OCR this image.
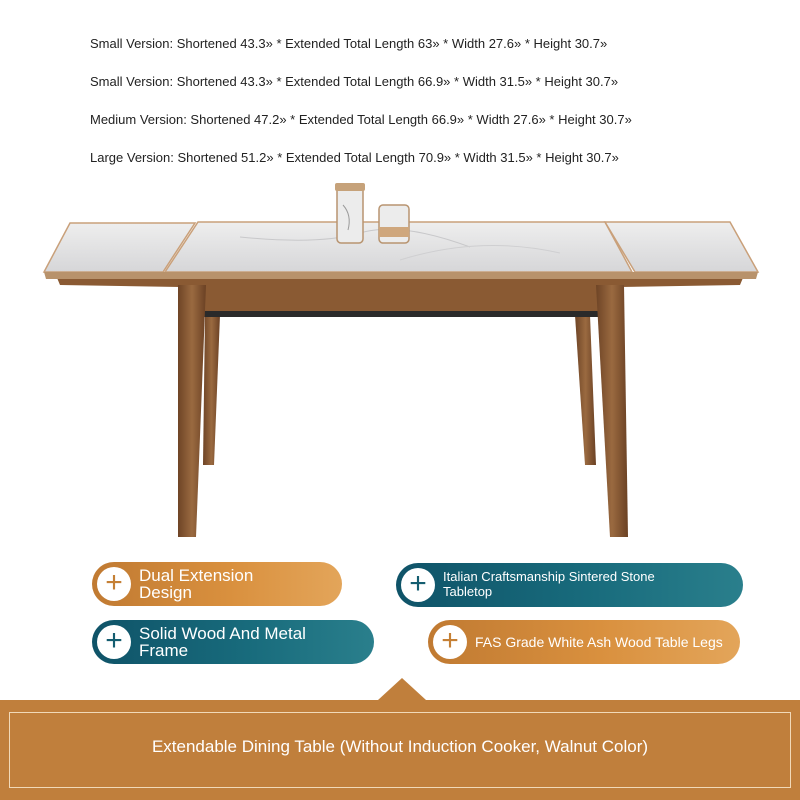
Small Version: Shortened 43.3» * Extended Total Length 63» * Width 27.6» * Height 30.7»
Small Version: Shortened 43.3» * Extended Total Length 66.9» * Width 31.5» * Height 30.7»
Medium Version: Shortened 47.2» * Extended Total Length 66.9» * Width 27.6» * Height 30.7»
Large Version: Shortened 51.2» * Extended Total Length 70.9» * Width 31.5» * Height 30.7»
+ Dual Extension
Design	+ Italian Craftsmanship Sintered Stone
Tabletop
+ Solid Wood And Metal
Frame	+ FAS Grade White Ash Wood Table Legs
Extendable Dining Table (Without Induction Cooker, Walnut Color)
